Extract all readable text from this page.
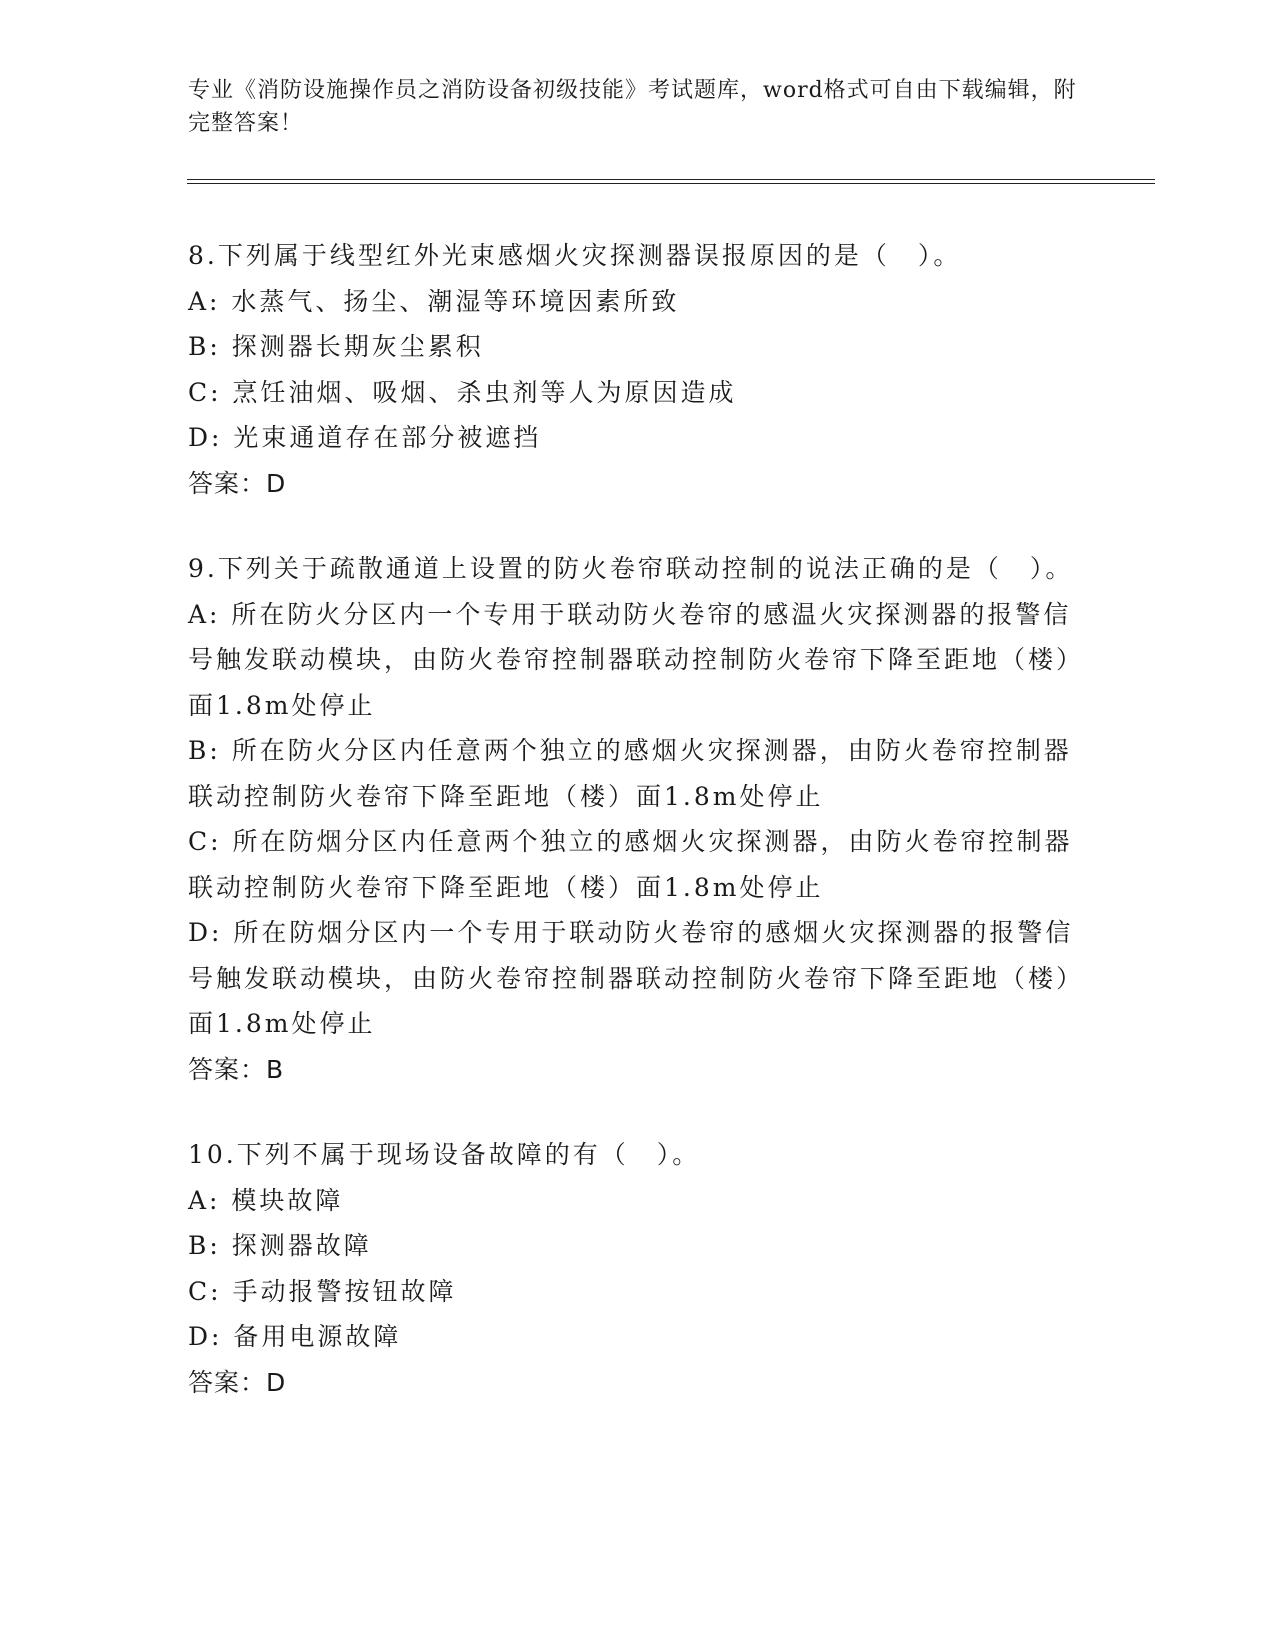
专业《消防设施操作员之消防设备初级技能》考试题库，word格式可自由下载编辑，附完整答案！

8.下列属于线型红外光束感烟火灾探测器误报原因的是（　）。

A: 水蒸气、扬尘、潮湿等环境因素所致

B: 探测器长期灰尘累积

C: 烹饪油烟、吸烟、杀虫剂等人为原因造成

D: 光束通道存在部分被遮挡

答案：D

9.下列关于疏散通道上设置的防火卷帘联动控制的说法正确的是（　）。

A: 所在防火分区内一个专用于联动防火卷帘的感温火灾探测器的报警信号触发联动模块，由防火卷帘控制器联动控制防火卷帘下降至距地（楼）面1.8m处停止

B: 所在防火分区内任意两个独立的感烟火灾探测器，由防火卷帘控制器联动控制防火卷帘下降至距地（楼）面1.8m处停止

C: 所在防烟分区内任意两个独立的感烟火灾探测器，由防火卷帘控制器联动控制防火卷帘下降至距地（楼）面1.8m处停止

D: 所在防烟分区内一个专用于联动防火卷帘的感烟火灾探测器的报警信号触发联动模块，由防火卷帘控制器联动控制防火卷帘下降至距地（楼）面1.8m处停止

答案：B

10.下列不属于现场设备故障的有（　）。

A: 模块故障

B: 探测器故障

C: 手动报警按钮故障

D: 备用电源故障

答案：D
